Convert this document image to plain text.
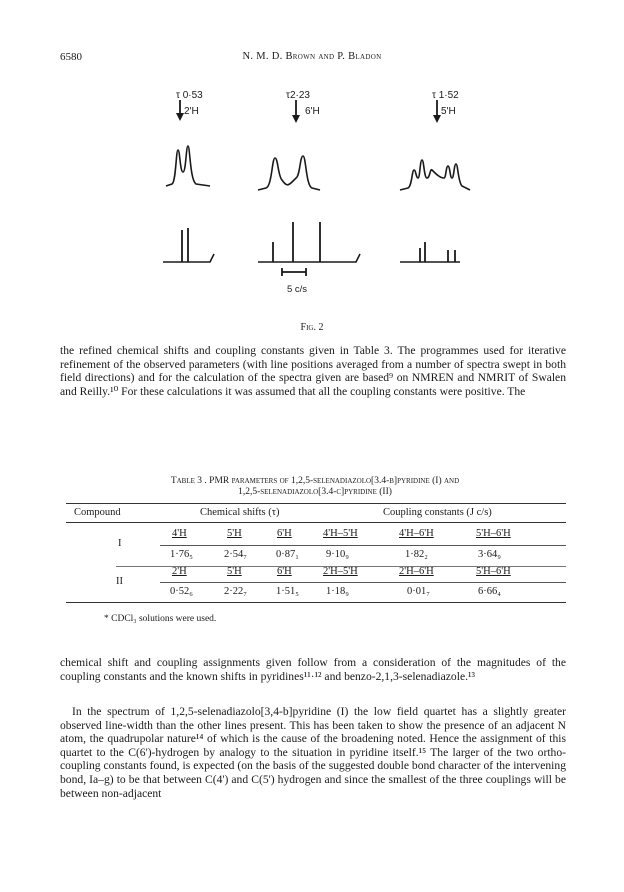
6580	N. M. D. Brown and P. Bladon
τ 0·53
2'H
τ2·23
6'H
τ 1·52
5'H
5 c/s
Fig. 2

the refined chemical shifts and coupling constants given in Table 3. The programmes used for iterative refinement of the observed parameters (with line positions averaged from a number of spectra swept in both field directions) and for the calculation of the spectra given are based⁹ on NMREN and NMRIT of Swalen and Reilly.¹⁰ For these calculations it was assumed that all the coupling constants were positive. The

Table 3 . PMR parameters of 1,2,5-selenadiazolo[3.4-b]pyridine (I) and
1,2,5-selenadiazolo[3.4-c]pyridine (II)
Compound	Chemical shifts (τ)	Coupling constants (J c/s)
I
4'H	5'H	6'H	4'H–5'H	4'H–6'H	5'H–6'H
1·76₅	2·54₇	0·87₁	9·10₉	1·82₂	3·64₉
II
2'H	5'H	6'H	2'H–5'H	2'H–6'H	5'H–6'H
0·52₆	2·22₇	1·51₅	1·18₉	0·01₇	6·66₄
* CDCl₃ solutions were used.

chemical shift and coupling assignments given follow from a consideration of the magnitudes of the coupling constants and the known shifts in pyridines¹¹·¹² and benzo-2,1,3-selenadiazole.¹³

In the spectrum of 1,2,5-selenadiazolo[3,4-b]pyridine (I) the low field quartet has a slightly greater observed line-width than the other lines present. This has been taken to show the presence of an adjacent N atom, the quadrupolar nature¹⁴ of which is the cause of the broadening noted. Hence the assignment of this quartet to the C(6')-hydrogen by analogy to the situation in pyridine itself.¹⁵ The larger of the two ortho-coupling constants found, is expected (on the basis of the suggested double bond character of the intervening bond, Ia–g) to be that between C(4') and C(5') hydrogen and since the smallest of the three couplings will be between non-adjacent
